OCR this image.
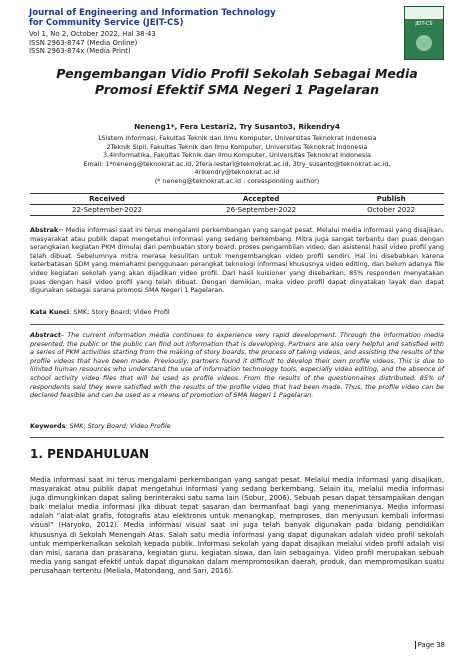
Journal of Engineering and Information Technology
for Community Service (JEIT-CS)
Vol 1, No 2, October 2022, Hal 38-43
ISSN 2963-8747 (Media Online)
ISSN 2963-874x (Media Print)
JEIT-CS
Pengembangan Vidio Profil Sekolah Sebagai Media
Promosi Efektif SMA Negeri 1 Pagelaran
Neneng1*, Fera Lestari2, Try Susanto3, Rikendry4
1Sistem Informasi, Fakultas Teknik dan Ilmu Komputer, Universitas Teknokrat Indonesia
2Teknik Sipil, Fakultas Teknik dan Ilmu Komputer, Universitas Teknokrat Indonesia
3,4Informatika, Fakultas Teknik dan Ilmu Komputer, Universitas Teknokrat Indonesia
Email: 1*neneng@teknokrat.ac.id, 2fera.lestari@teknokrat.ac.id, 3try_susanto@teknokrat.ac.id,
4rikendry@teknokrat.ac.id
(* neneng@teknokrat.ac.id : coressponding author)
Received	Accepted	Publish
22-September-2022	26-September-2022	October 2022
Abstrak− Media informasi saat ini terus mengalami perkembangan yang sangat pesat. Melalui media informasi yang disajikan, masyarakat atau publik dapat mengetahui informasi yang sedang berkembang. Mitra juga sangat terbantu dan puas dengan serangkaian kegiatan PKM dimulai dari pembuatan story board, proses pengambilan video, dan asistensi hasil video profil yang telah dibuat. Sebelumnya mitra merasa kesulitan untuk mengembangkan video profil sendiri. Hal ini disebabkan karena keterbatasan SDM yang memahami penggunaan perangkat teknologi informasi khususnya video editing, dan belum adanya file video kegiatan sekolah yang akan dijadikan video profil. Dari hasil kuisioner yang disebarkan, 85% responden menyatakan puas dengan hasil video profil yang telah dibuat. Dengan demikian, maka video profil dapat dinyatakan layak dan dapat digunakan sebagai sarana promosi SMA Negeri 1 Pagelaran.
Kata Kunci: SMK; Story Board; Video Profil
Abstract– The current information media continues to experience very rapid development. Through the information media presented, the public or the public can find out information that is developing. Partners are also very helpful and satisfied with a series of PKM activities starting from the making of story boards, the process of taking videos, and assisting the results of the profile videos that have been made. Previously, partners found it difficult to develop their own profile videos. This is due to limited human resources who understand the use of information technology tools, especially video editing, and the absence of school activity video files that will be used as profile videos. From the results of the questionnaires distributed, 85% of respondents said they were satisfied with the results of the profile video that had been made. Thus, the profile video can be declared feasible and can be used as a means of promotion of SMA Negeri 1 Pagelaran.
Keywords: SMK; Story Board; Video Profile
1. PENDAHULUAN
Media informasi saat ini terus mengalami perkembangan yang sangat pesat. Melalui media informasi yang disajikan, masyarakat atau publik dapat mengetahui informasi yang sedang berkembang. Selain itu, melalui media informasi juga dimungkinkan dapat saling berinteraksi satu sama lain (Sobur, 2006). Sebuah pesan dapat tersampaikan dengan baik melalui media informasi jika dibuat tepat sasaran dan bermanfaat bagi yang menerimanya. Media informasi adalah “alat-alat grafis, fotografis atau elektronis untuk menangkap, memproses, dan menyusun kembali informasi visual” (Haryoko, 2012). Media informasi visual saat ini juga telah banyak digunakan pada bidang pendidikan khususnya di Sekolah Menengah Atas. Salah satu media informasi yang dapat digunakan adalah video profil sekolah untuk memperkenalkan sekolah kepada publik. Informasi sekolah yang dapat disajikan melalui video profil adalah visi dan misi, sarana dan prasarana, kegiatan guru, kegiatan siswa, dan lain sebagainya. Video profil merupakan sebuah media yang sangat efektif untuk dapat digunakan dalam mempromosikan daerah, produk, dan mempromosikan suatu perusahaan tertentu (Meliala, Matondang, and Sari, 2016).
Page 38
